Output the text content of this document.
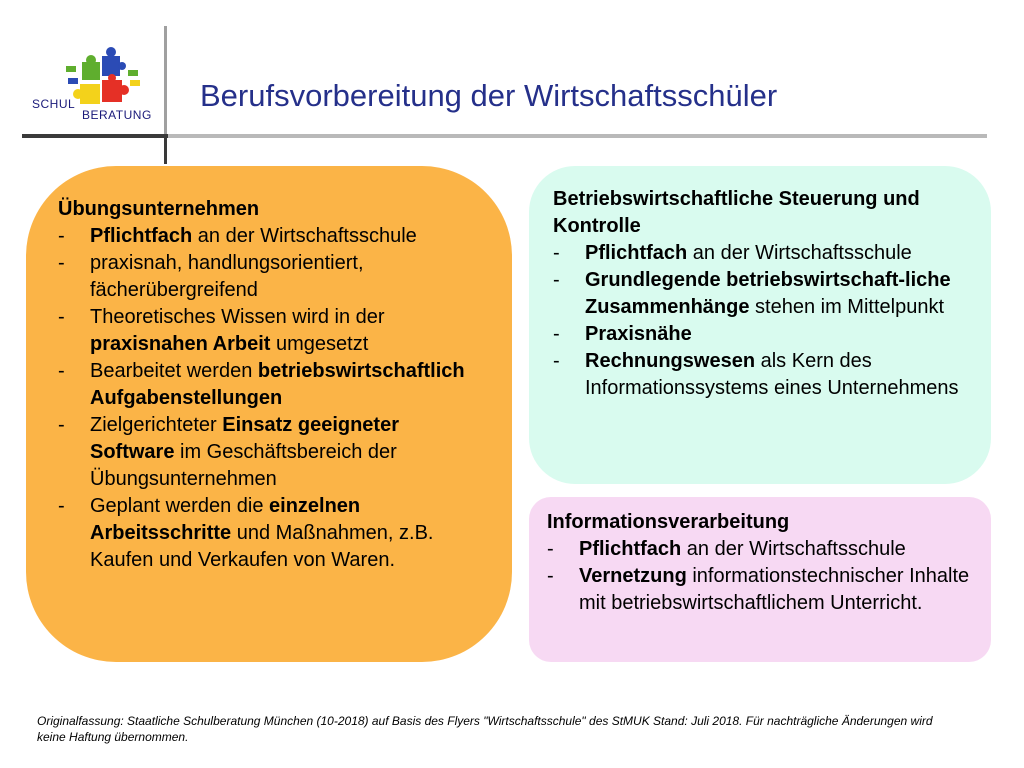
SCHUL
BERATUNG
Berufsvorbereitung der Wirtschaftsschüler
Übungsunternehmen
- Pflichtfach an der Wirtschaftsschule
- praxisnah, handlungsorientiert, fächerübergreifend
- Theoretisches Wissen wird in der praxisnahen Arbeit umgesetzt
- Bearbeitet werden betriebswirtschaftlich Aufgabenstellungen
- Zielgerichteter Einsatz geeigneter Software im Geschäftsbereich der Übungsunternehmen
- Geplant werden die einzelnen Arbeitsschritte und Maßnahmen, z.B. Kaufen und Verkaufen von Waren.
Betriebswirtschaftliche Steuerung und Kontrolle
- Pflichtfach an der Wirtschaftsschule
- Grundlegende betriebswirtschaft-liche Zusammenhänge stehen im Mittelpunkt
- Praxisnähe
- Rechnungswesen als Kern des Informationssystems eines Unternehmens
Informationsverarbeitung
- Pflichtfach an der Wirtschaftsschule
- Vernetzung informationstechnischer Inhalte mit betriebswirtschaftlichem Unterricht.
Originalfassung: Staatliche Schulberatung München (10-2018) auf Basis des Flyers "Wirtschaftsschule" des StMUK Stand: Juli 2018. Für nachträgliche Änderungen wird keine Haftung übernommen.
